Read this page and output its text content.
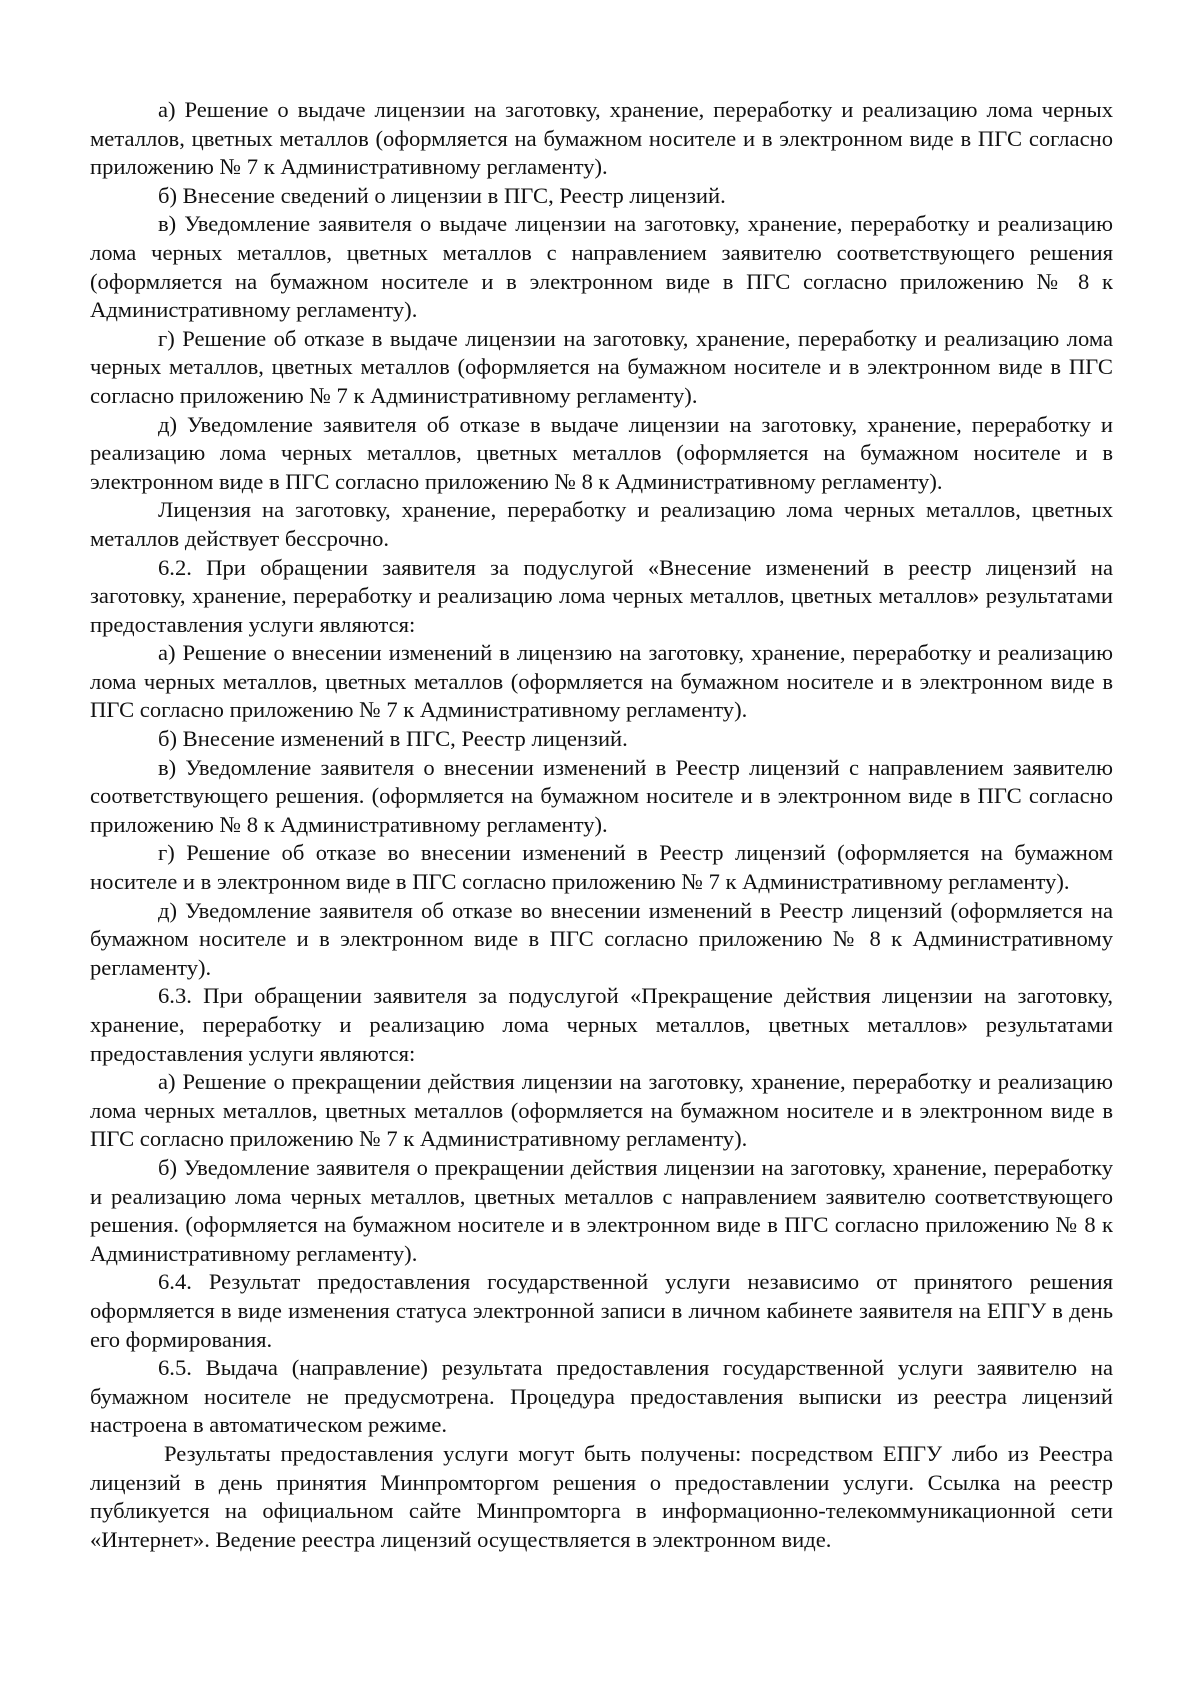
а) Решение о выдаче лицензии на заготовку, хранение, переработку и реализацию лома черных металлов, цветных металлов (оформляется на бумажном носителе и в электронном виде в ПГС согласно приложению № 7 к Административному регламенту).

б) Внесение сведений о лицензии в ПГС, Реестр лицензий.

в) Уведомление заявителя о выдаче лицензии на заготовку, хранение, переработку и реализацию лома черных металлов, цветных металлов с направлением заявителю соответствующего решения (оформляется на бумажном носителе и в электронном виде в ПГС согласно приложению № 8 к Административному регламенту).

г) Решение об отказе в выдаче лицензии на заготовку, хранение, переработку и реализацию лома черных металлов, цветных металлов (оформляется на бумажном носителе и в электронном виде в ПГС согласно приложению № 7 к Административному регламенту).

д) Уведомление заявителя об отказе в выдаче лицензии на заготовку, хранение, переработку и реализацию лома черных металлов, цветных металлов (оформляется на бумажном носителе и в электронном виде в ПГС согласно приложению № 8 к Административному регламенту).

Лицензия на заготовку, хранение, переработку и реализацию лома черных металлов, цветных металлов действует бессрочно.

6.2. При обращении заявителя за подуслугой «Внесение изменений в реестр лицензий на заготовку, хранение, переработку и реализацию лома черных металлов, цветных металлов» результатами предоставления услуги являются:

а) Решение о внесении изменений в лицензию на заготовку, хранение, переработку и реализацию лома черных металлов, цветных металлов (оформляется на бумажном носителе и в электронном виде в ПГС согласно приложению № 7 к Административному регламенту).

б) Внесение изменений в ПГС, Реестр лицензий.

в) Уведомление заявителя о внесении изменений в Реестр лицензий с направлением заявителю соответствующего решения. (оформляется на бумажном носителе и в электронном виде в ПГС согласно приложению № 8 к Административному регламенту).

г) Решение об отказе во внесении изменений в Реестр лицензий (оформляется на бумажном носителе и в электронном виде в ПГС согласно приложению № 7 к Административному регламенту).

д) Уведомление заявителя об отказе во внесении изменений в Реестр лицензий (оформляется на бумажном носителе и в электронном виде в ПГС согласно приложению № 8 к Административному регламенту).

6.3. При обращении заявителя за подуслугой «Прекращение действия лицензии на заготовку, хранение, переработку и реализацию лома черных металлов, цветных металлов» результатами предоставления услуги являются:

а) Решение о прекращении действия лицензии на заготовку, хранение, переработку и реализацию лома черных металлов, цветных металлов (оформляется на бумажном носителе и в электронном виде в ПГС согласно приложению № 7 к Административному регламенту).

б) Уведомление заявителя о прекращении действия лицензии на заготовку, хранение, переработку и реализацию лома черных металлов, цветных металлов с направлением заявителю соответствующего решения. (оформляется на бумажном носителе и в электронном виде в ПГС согласно приложению № 8 к Административному регламенту).

6.4. Результат предоставления государственной услуги независимо от принятого решения оформляется в виде изменения статуса электронной записи в личном кабинете заявителя на ЕПГУ в день его формирования.

6.5. Выдача (направление) результата предоставления государственной услуги заявителю на бумажном носителе не предусмотрена. Процедура предоставления выписки из реестра лицензий настроена в автоматическом режиме.

Результаты предоставления услуги могут быть получены: посредством ЕПГУ либо из Реестра лицензий в день принятия Минпромторгом решения о предоставлении услуги. Ссылка на реестр публикуется на официальном сайте Минпромторга в информационно-телекоммуникационной сети «Интернет». Ведение реестра лицензий осуществляется в электронном виде.
